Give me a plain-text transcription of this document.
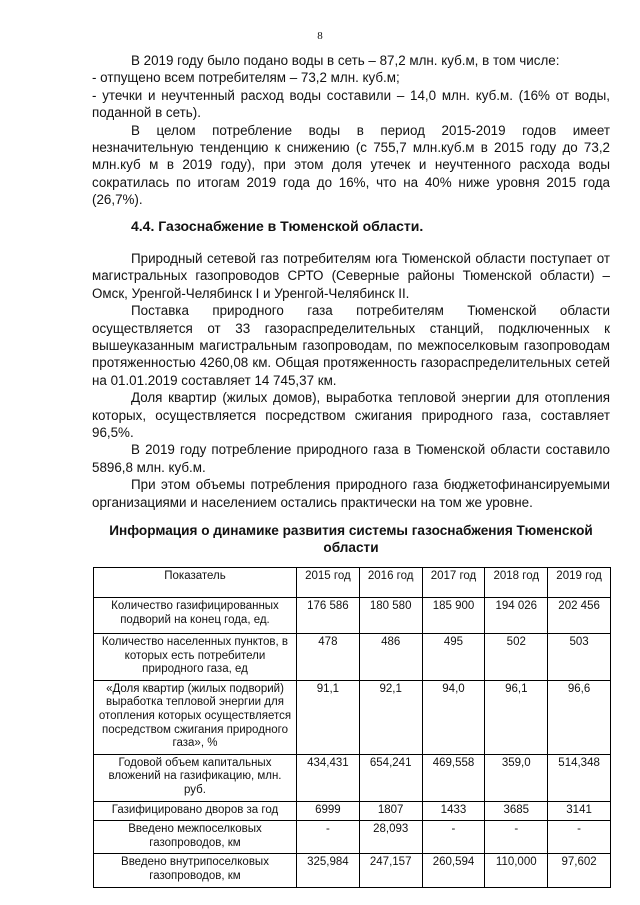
8

В 2019 году было подано воды в сеть – 87,2 млн. куб.м, в том числе:

- отпущено всем потребителям – 73,2 млн. куб.м;

- утечки и неучтенный расход воды составили – 14,0 млн. куб.м. (16% от воды, поданной в сеть).

В целом потребление воды в период 2015-2019 годов имеет незначительную тенденцию к снижению (с 755,7 млн.куб.м в 2015 году до 73,2 млн.куб м в 2019 году), при этом доля утечек и неучтенного расхода воды сократилась по итогам 2019 года до 16%, что на 40% ниже уровня 2015 года (26,7%).

4.4. Газоснабжение в Тюменской области.

Природный сетевой газ потребителям юга Тюменской области поступает от магистральных газопроводов СРТО (Северные районы Тюменской области) – Омск, Уренгой-Челябинск I и Уренгой-Челябинск II.

Поставка природного газа потребителям Тюменской области осуществляется от 33 газораспределительных станций, подключенных к вышеуказанным магистральным газопроводам, по межпоселковым газопроводам протяженностью 4260,08 км. Общая протяженность газораспределительных сетей на 01.01.2019 составляет 14 745,37 км.

Доля квартир (жилых домов), выработка тепловой энергии для отопления которых, осуществляется посредством сжигания природного газа, составляет 96,5%.

В 2019 году потребление природного газа в Тюменской области составило 5896,8 млн. куб.м.

При этом объемы потребления природного газа бюджетофинансируемыми организациями и населением остались практически на том же уровне.

Информация о динамике развития системы газоснабжения Тюменской области
Показатель	2015 год	2016 год	2017 год	2018 год	2019 год
Количество газифицированных подворий на конец года, ед.	176 586	180 580	185 900	194 026	202 456
Количество населенных пунктов, в которых есть потребители природного газа, ед	478	486	495	502	503
«Доля квартир (жилых подворий) выработка тепловой энергии для отопления которых осуществляется посредством сжигания природного газа», %	91,1	92,1	94,0	96,1	96,6
Годовой объем капитальных вложений на газификацию, млн. руб.	434,431	654,241	469,558	359,0	514,348
Газифицировано дворов за год	6999	1807	1433	3685	3141
Введено межпоселковых газопроводов, км	-	28,093	-	-	-
Введено внутрипоселковых газопроводов, км	325,984	247,157	260,594	110,000	97,602
